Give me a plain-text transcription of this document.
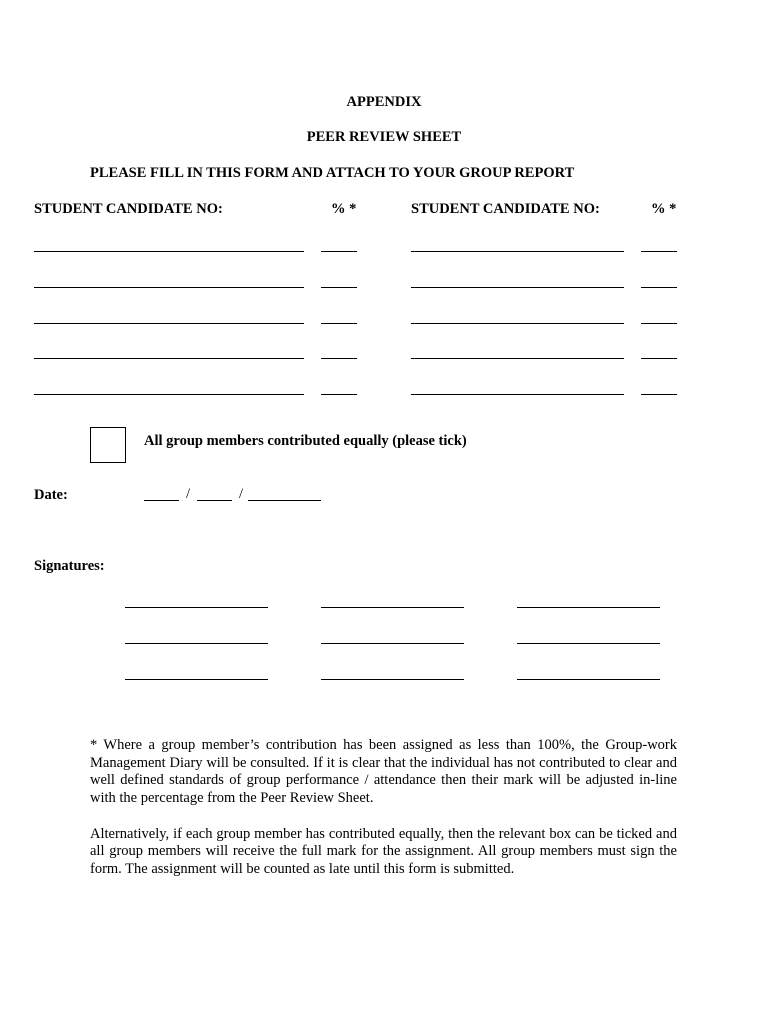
APPENDIX
PEER REVIEW SHEET
PLEASE FILL IN THIS FORM AND ATTACH TO YOUR GROUP REPORT
STUDENT CANDIDATE NO:	% *	STUDENT CANDIDATE NO:	% *
All group members contributed equally (please tick)
Date:	/	/
Signatures:

* Where a group member’s contribution has been assigned as less than 100%, the Group-work Management Diary will be consulted. If it is clear that the individual has not contributed to clear and well defined standards of group performance / attendance then their mark will be adjusted in-line with the percentage from the Peer Review Sheet.

Alternatively, if each group member has contributed equally, then the relevant box can be ticked and all group members will receive the full mark for the assignment. All group members must sign the form. The assignment will be counted as late until this form is submitted.
